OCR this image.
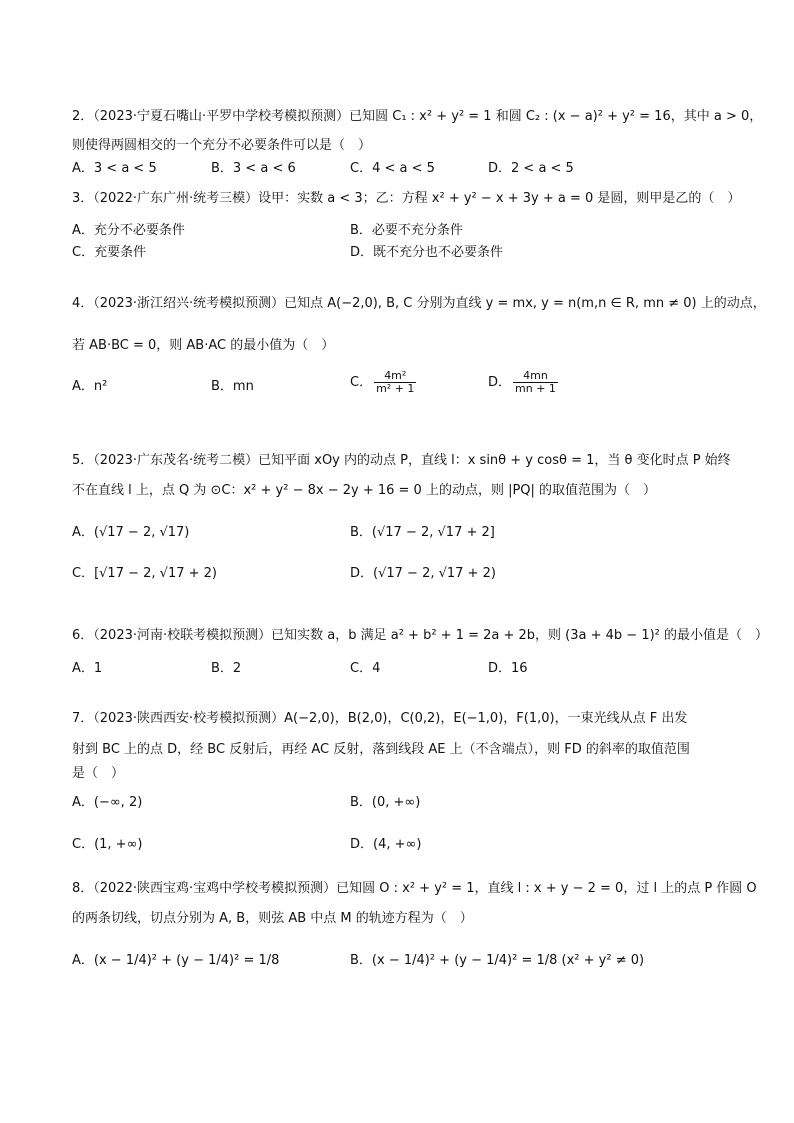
2．（2023·宁夏石嘴山·平罗中学校考模拟预测）已知圆 C₁ : x² + y² = 1 和圆 C₂ : (x − a)² + y² = 16，其中 a > 0，
则使得两圆相交的一个充分不必要条件可以是（　）
A．3 < a < 5	B．3 < a < 6	C．4 < a < 5	D．2 < a < 5
3．（2022·广东广州·统考三模）设甲：实数 a < 3；乙：方程 x² + y² − x + 3y + a = 0 是圆，则甲是乙的（　）
A．充分不必要条件	B．必要不充分条件
C．充要条件	D．既不充分也不必要条件
4．（2023·浙江绍兴·统考模拟预测）已知点 A(−2,0), B, C 分别为直线 y = mx, y = n(m,n ∈ R, mn ≠ 0) 上的动点，
若 AB·BC = 0，则 AB·AC 的最小值为（　）
A．n²	B．mn	C． $\frac{\text{4m²}}{\text{m² + 1}}$	D． $\frac{4mn}{mn + 1}$
5．（2023·广东茂名·统考二模）已知平面 xOy 内的动点 P，直线 l：x sinθ + y cosθ = 1，当 θ 变化时点 P 始终
不在直线 l 上，点 Q 为 ⊙C：x² + y² − 8x − 2y + 16 = 0 上的动点，则 |PQ| 的取值范围为（　）
A．(√17 − 2, √17)	B．(√17 − 2, √17 + 2]
C．[√17 − 2, √17 + 2)	D．(√17 − 2, √17 + 2)
6．（2023·河南·校联考模拟预测）已知实数 a，b 满足 a² + b² + 1 = 2a + 2b，则 (3a + 4b − 1)² 的最小值是（　）
A．1	B．2	C．4	D．16
7．（2023·陕西西安·校考模拟预测）A(−2,0)，B(2,0)，C(0,2)，E(−1,0)，F(1,0)，一束光线从点 F 出发
射到 BC 上的点 D，经 BC 反射后，再经 AC 反射，落到线段 AE 上（不含端点），则 FD 的斜率的取值范围
是（　）
A．(−∞, 2)	B．(0, +∞)
C．(1, +∞)	D．(4, +∞)
8．（2022·陕西宝鸡·宝鸡中学校考模拟预测）已知圆 O : x² + y² = 1，直线 l : x + y − 2 = 0，过 l 上的点 P 作圆 O
的两条切线，切点分别为 A, B，则弦 AB 中点 M 的轨迹方程为（　）
A．(x − 1/4)² + (y − 1/4)² = 1/8	B．(x − 1/4)² + (y − 1/4)² = 1/8 (x² + y² ≠ 0)
